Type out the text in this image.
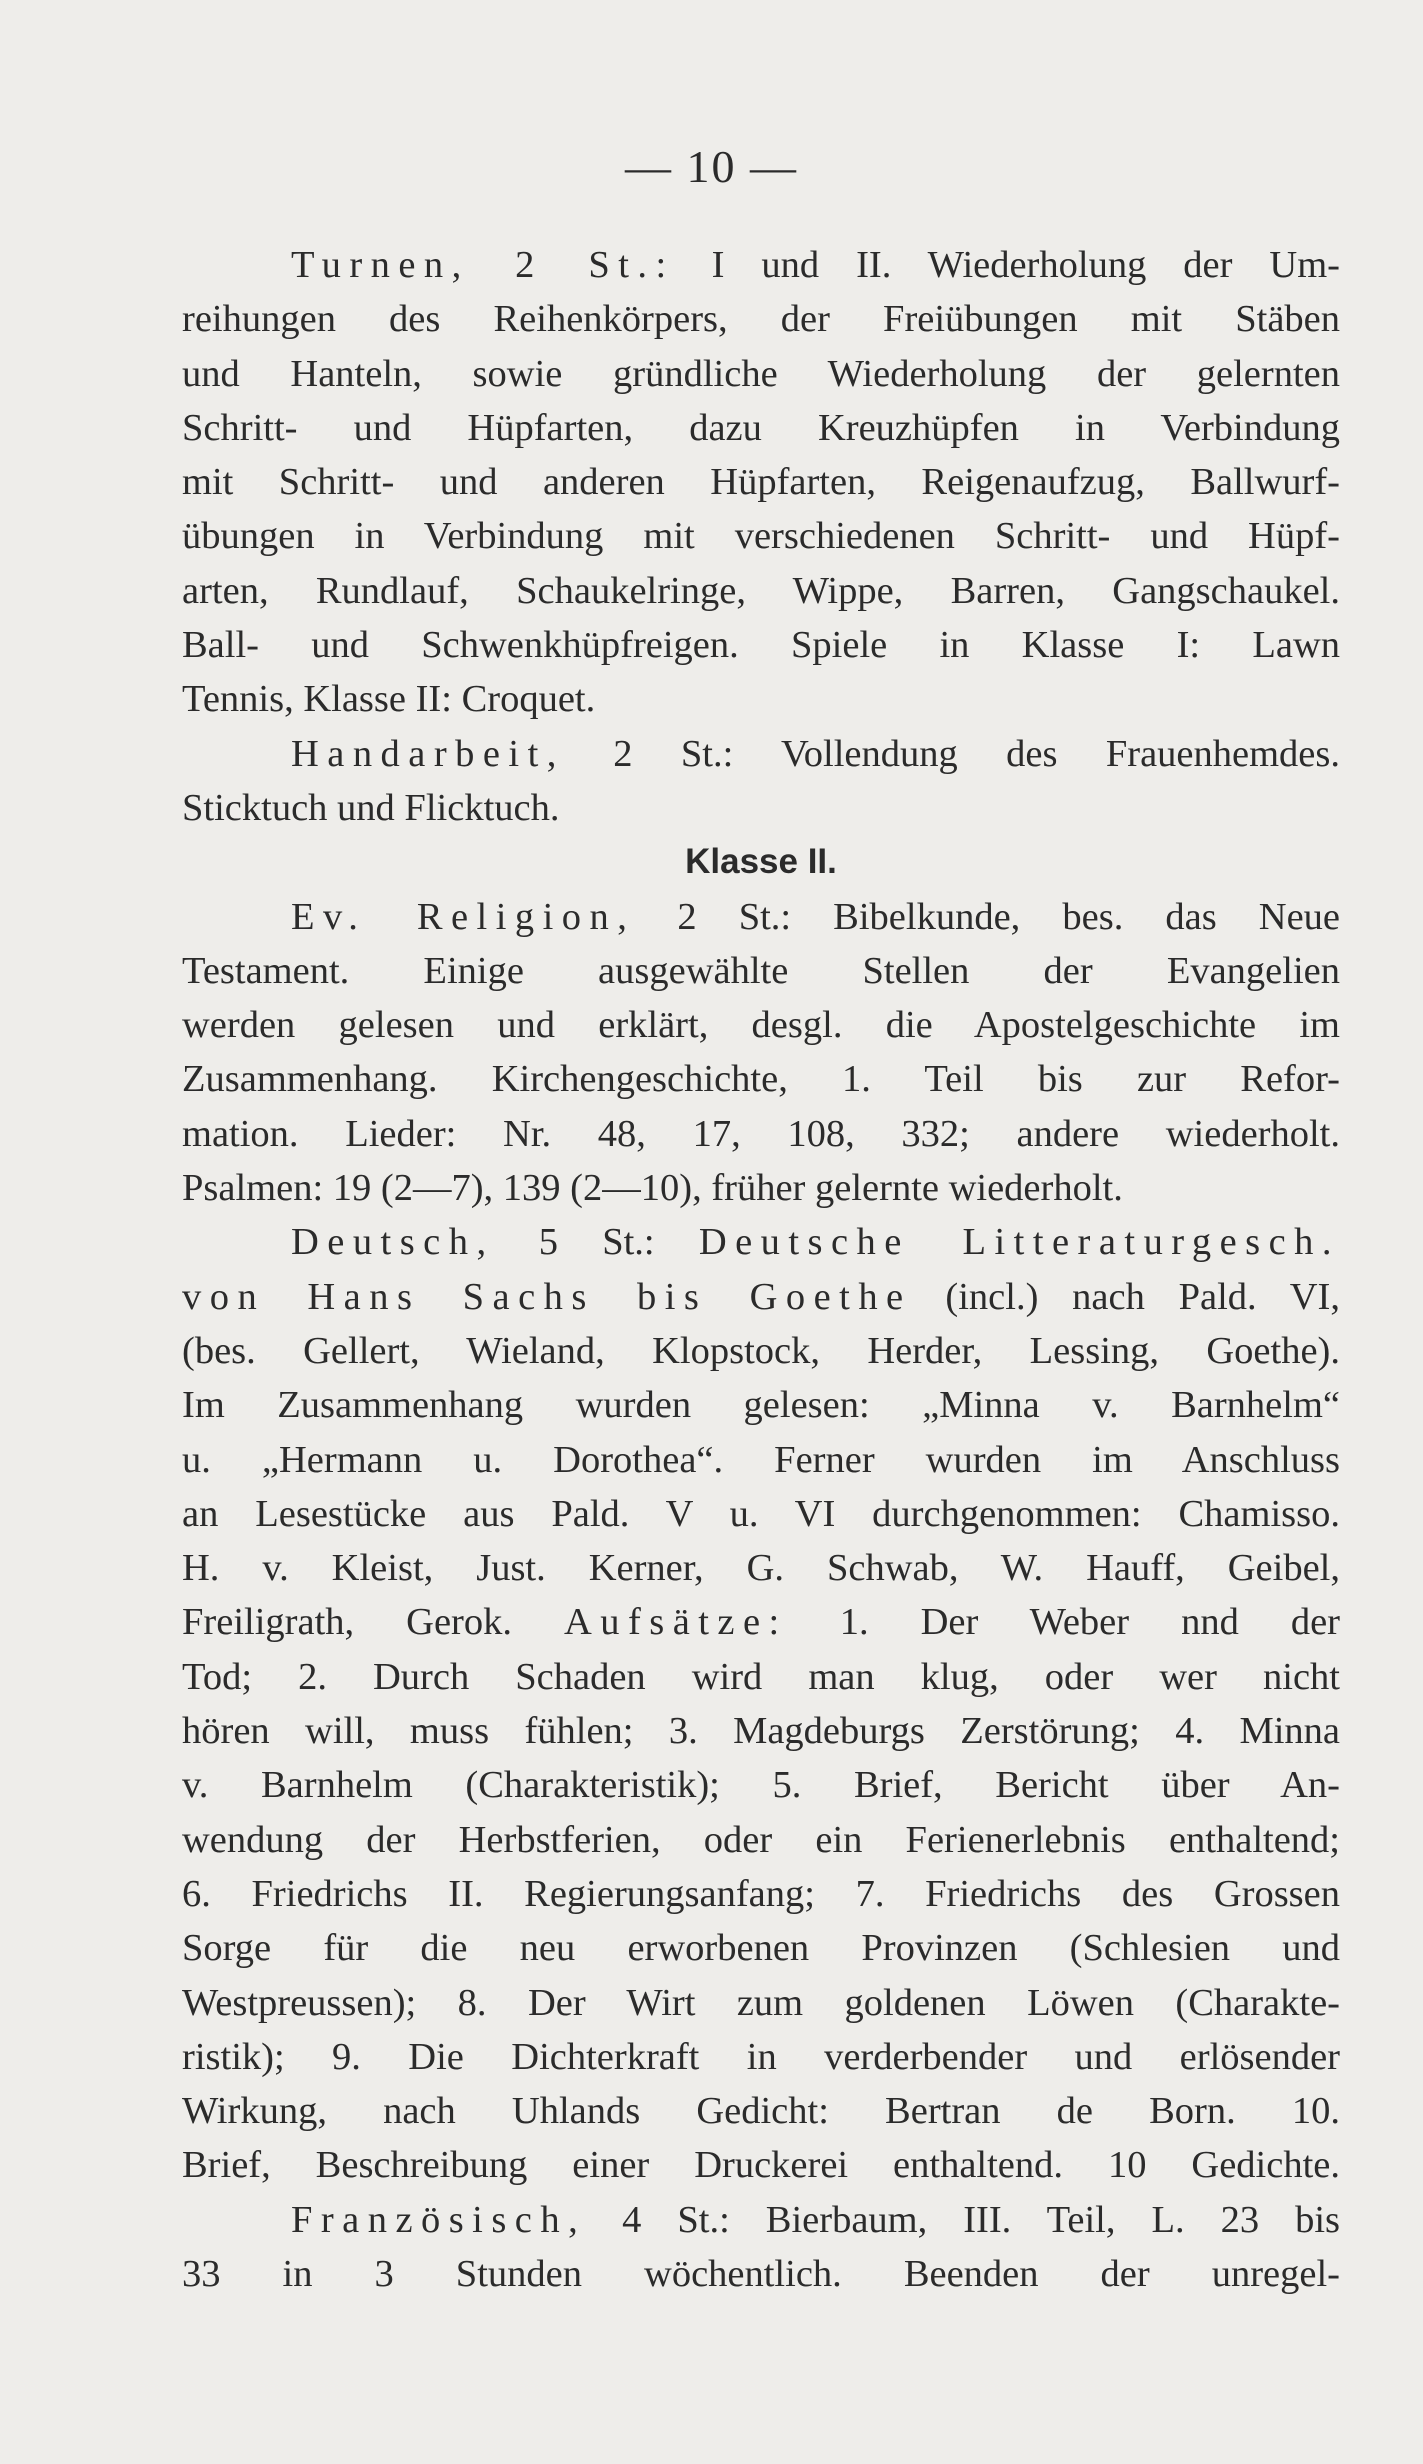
— 10 —
Turnen, 2 St.: I und II. Wiederholung der Um-
reihungen des Reihenkörpers, der Freiübungen mit Stäben
und Hanteln, sowie gründliche Wiederholung der gelernten
Schritt- und Hüpfarten, dazu Kreuzhüpfen in Verbindung
mit Schritt- und anderen Hüpfarten, Reigenaufzug, Ballwurf-
übungen in Verbindung mit verschiedenen Schritt- und Hüpf-
arten, Rundlauf, Schaukelringe, Wippe, Barren, Gangschaukel.
Ball- und Schwenkhüpfreigen. Spiele in Klasse I: Lawn
Tennis, Klasse II: Croquet.
Handarbeit, 2 St.: Vollendung des Frauenhemdes.
Sticktuch und Flicktuch.
Klasse II.
Ev. Religion, 2 St.: Bibelkunde, bes. das Neue
Testament. Einige ausgewählte Stellen der Evangelien
werden gelesen und erklärt, desgl. die Apostelgeschichte im
Zusammenhang. Kirchengeschichte, 1. Teil bis zur Refor-
mation. Lieder: Nr. 48, 17, 108, 332; andere wiederholt.
Psalmen: 19 (2—7), 139 (2—10), früher gelernte wiederholt.
Deutsch, 5 St.: Deutsche Litteraturgesch.
von Hans Sachs bis Goethe (incl.) nach Pald. VI,
(bes. Gellert, Wieland, Klopstock, Herder, Lessing, Goethe).
Im Zusammenhang wurden gelesen: „Minna v. Barnhelm“
u. „Hermann u. Dorothea“. Ferner wurden im Anschluss
an Lesestücke aus Pald. V u. VI durchgenommen: Chamisso.
H. v. Kleist, Just. Kerner, G. Schwab, W. Hauff, Geibel,
Freiligrath, Gerok. Aufsätze: 1. Der Weber nnd der
Tod; 2. Durch Schaden wird man klug, oder wer nicht
hören will, muss fühlen; 3. Magdeburgs Zerstörung; 4. Minna
v. Barnhelm (Charakteristik); 5. Brief, Bericht über An-
wendung der Herbstferien, oder ein Ferienerlebnis enthaltend;
6. Friedrichs II. Regierungsanfang; 7. Friedrichs des Grossen
Sorge für die neu erworbenen Provinzen (Schlesien und
Westpreussen); 8. Der Wirt zum goldenen Löwen (Charakte-
ristik); 9. Die Dichterkraft in verderbender und erlösender
Wirkung, nach Uhlands Gedicht: Bertran de Born. 10.
Brief, Beschreibung einer Druckerei enthaltend. 10 Gedichte.
Französisch, 4 St.: Bierbaum, III. Teil, L. 23 bis
33 in 3 Stunden wöchentlich. Beenden der unregel-
